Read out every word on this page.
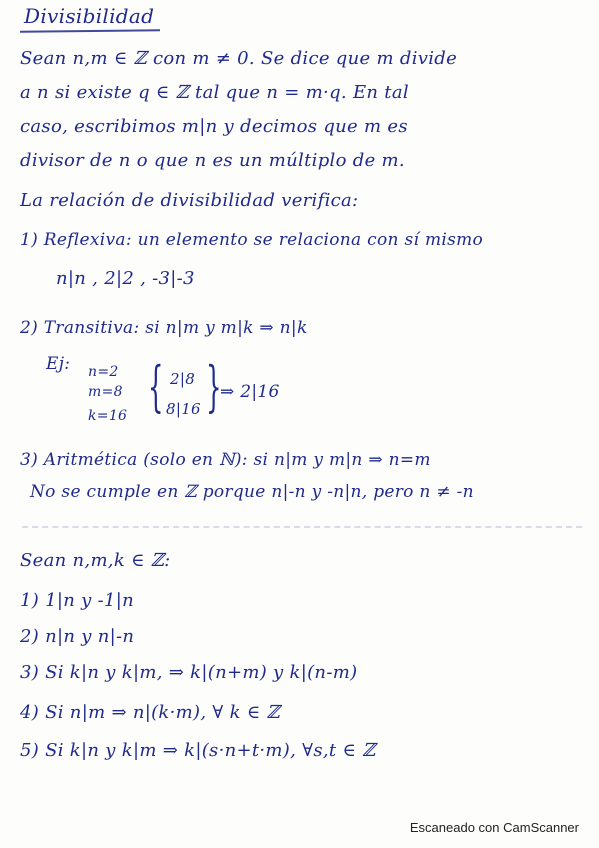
Divisibilidad
Sean n,m ∈ ℤ con m ≠ 0. Se dice que m divide
a n si existe q ∈ ℤ tal que n = m·q. En tal
caso, escribimos m|n y decimos que m es
divisor de n o que n es un múltiplo de m.
La relación de divisibilidad verifica:
1) Reflexiva: un elemento se relaciona con sí mismo
n|n , 2|2 , -3|-3
2) Transitiva: si n|m y m|k ⇒ n|k
Ej: n=2
m=8
k=16 { 2|8
8|16 }
⇒ 2|16
3) Aritmética (solo en ℕ): si n|m y m|n ⇒ n=m
No se cumple en ℤ porque n|-n y -n|n, pero n ≠ -n
Sean n,m,k ∈ ℤ:
1) 1|n y -1|n
2) n|n y n|-n
3) Si k|n y k|m, ⇒ k|(n+m) y k|(n-m)
4) Si n|m ⇒ n|(k·m), ∀ k ∈ ℤ
5) Si k|n y k|m ⇒ k|(s·n+t·m), ∀s,t ∈ ℤ
Escaneado con CamScanner
